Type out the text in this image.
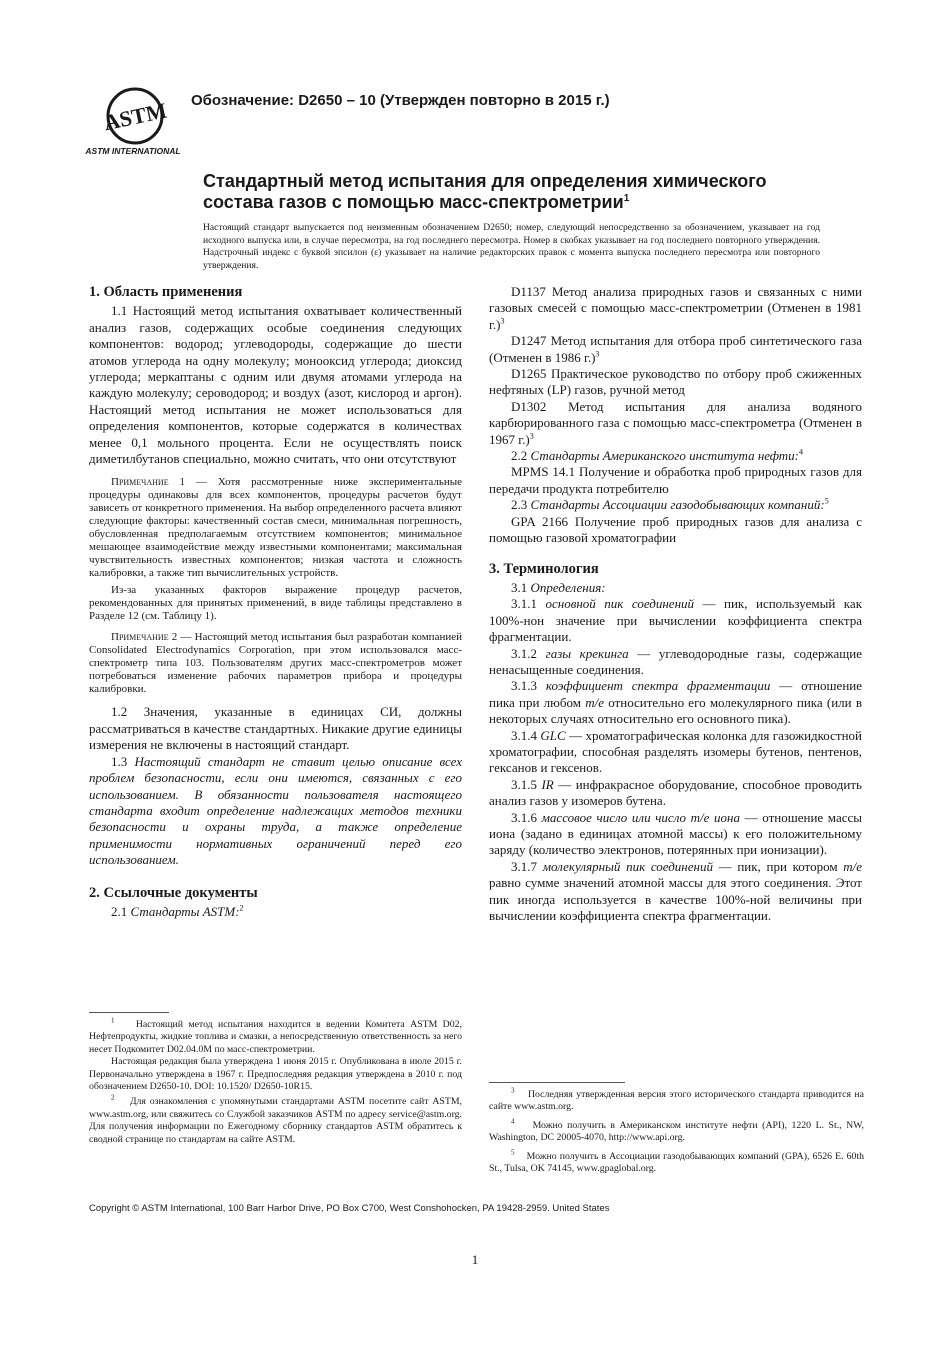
ASTM
ASTM INTERNATIONAL
Обозначение: D2650 – 10 (Утвержден повторно в 2015 г.)
Стандартный метод испытания для определения химического состава газов с помощью масс-спектрометрии$^1$
Настоящий стандарт выпускается под неизменным обозначением D2650; номер, следующий непосредственно за обозначением, указывает на год исходного выпуска или, в случае пересмотра, на год последнего пересмотра. Номер в скобках указывает на год последнего повторного утверждения. Надстрочный индекс с буквой эпсилон (ε) указывает на наличие редакторских правок с момента выпуска последнего пересмотра или повторного утверждения.
1. Область применения

1.1 Настоящий метод испытания охватывает количественный анализ газов, содержащих особые соединения следующих компонентов: водород; углеводороды, содержащие до шести атомов углерода на одну молекулу; монооксид углерода; диоксид углерода; меркаптаны с одним или двумя атомами углерода на каждую молекулу; сероводород; и воздух (азот, кислород и аргон). Настоящий метод испытания не может использоваться для определения компонентов, которые содержатся в количествах менее 0,1 мольного процента. Если не осуществлять поиск диметилбутанов специально, можно считать, что они отсутствуют

Примечание 1 — Хотя рассмотренные ниже экспериментальные процедуры одинаковы для всех компонентов, процедуры расчетов будут зависеть от конкретного применения. На выбор определенного расчета влияют следующие факторы: качественный состав смеси, минимальная погрешность, обусловленная предполагаемым отсутствием компонентов; минимальное мешающее взаимодействие между известными компонентами; максимальная чувствительность известных компонентов; низкая частота и сложность калибровки, а также тип вычислительных устройств.

Из-за указанных факторов выражение процедур расчетов, рекомендованных для принятых применений, в виде таблицы представлено в Разделе 12 (см. Таблицу 1).

Примечание 2 — Настоящий метод испытания был разработан компанией Consolidated Electrodynamics Corporation, при этом использовался масс-спектрометр типа 103. Пользователям других масс-спектрометров может потребоваться изменение рабочих параметров прибора и процедуры калибровки.

1.2 Значения, указанные в единицах СИ, должны рассматриваться в качестве стандартных. Никакие другие единицы измерения не включены в настоящий стандарт.

1.3 Настоящий стандарт не ставит целью описание всех проблем безопасности, если они имеются, связанных с его использованием. В обязанности пользователя настоящего стандарта входит определение надлежащих методов техники безопасности и охраны труда, а также определение применимости нормативных ограничений перед его использованием.

2. Ссылочные документы

2.1 Стандарты ASTM:$^2$

$^1$ Настоящий метод испытания находится в ведении Комитета ASTM D02, Нефтепродукты, жидкие топлива и смазки, а непосредственную ответственность за него несет Подкомитет D02.04.0M по масс-спектрометрии.

Настоящая редакция была утверждена 1 июня 2015 г. Опубликована в июле 2015 г. Первоначально утверждена в 1967 г. Предпоследняя редакция утверждена в 2010 г. под обозначением D2650-10. DOI: 10.1520/ D2650-10R15.

$^2$ Для ознакомления с упомянутыми стандартами ASTM посетите сайт ASTM, www.astm.org, или свяжитесь со Службой заказчиков ASTM по адресу service@astm.org. Для получения информации по Ежегодному сборнику стандартов ASTM обратитесь к сводной странице по стандартам на сайте ASTM.

D1137 Метод анализа природных газов и связанных с ними газовых смесей с помощью масс-спектрометрии (Отменен в 1981 г.)$^3$

D1247 Метод испытания для отбора проб синтетического газа (Отменен в 1986 г.)$^3$

D1265 Практическое руководство по отбору проб сжиженных нефтяных (LP) газов, ручной метод

D1302 Метод испытания для анализа водяного карбюрированного газа с помощью масс-спектрометра (Отменен в 1967 г.)$^3$

2.2 Стандарты Американского института нефти:$^4$

MPMS 14.1 Получение и обработка проб природных газов для передачи продукта потребителю

2.3 Стандарты Ассоциации газодобывающих компаний:$^5$

GPA 2166 Получение проб природных газов для анализа с помощью газовой хроматографии

3. Терминология

3.1 Определения:

3.1.1 основной пик соединений — пик, используемый как 100%-нон значение при вычислении коэффициента спектра фрагментации.

3.1.2 газы крекинга — углеводородные газы, содержащие ненасыщенные соединения.

3.1.3 коэффициент спектра фрагментации — отношение пика при любом m/e относительно его молекулярного пика (или в некоторых случаях относительно его основного пика).

3.1.4 GLC — хроматографическая колонка для газожидкостной хроматографии, способная разделять изомеры бутенов, пентенов, гексанов и гексенов.

3.1.5 IR — инфракрасное оборудование, способное проводить анализ газов у изомеров бутена.

3.1.6 массовое число или число m/e иона — отношение массы иона (задано в единицах атомной массы) к его положительному заряду (количество электронов, потерянных при ионизации).

3.1.7 молекулярный пик соединений — пик, при котором m/e равно сумме значений атомной массы для этого соединения. Этот пик иногда используется в качестве 100%-ной величины при вычислении коэффициента спектра фрагментации.

$^3$ Последняя утвержденная версия этого исторического стандарта приводится на сайте www.astm.org.

$^4$ Можно получить в Американском институте нефти (API), 1220 L. St., NW, Washington, DC 20005-4070, http://www.api.org.

$^5$ Можно получить в Ассоциации газодобывающих компаний (GPA), 6526 E. 60th St., Tulsa, OK 74145, www.gpaglobal.org.

Copyright © ASTM International, 100 Barr Harbor Drive, PO Box C700, West Conshohocken, PA 19428-2959. United States
1
